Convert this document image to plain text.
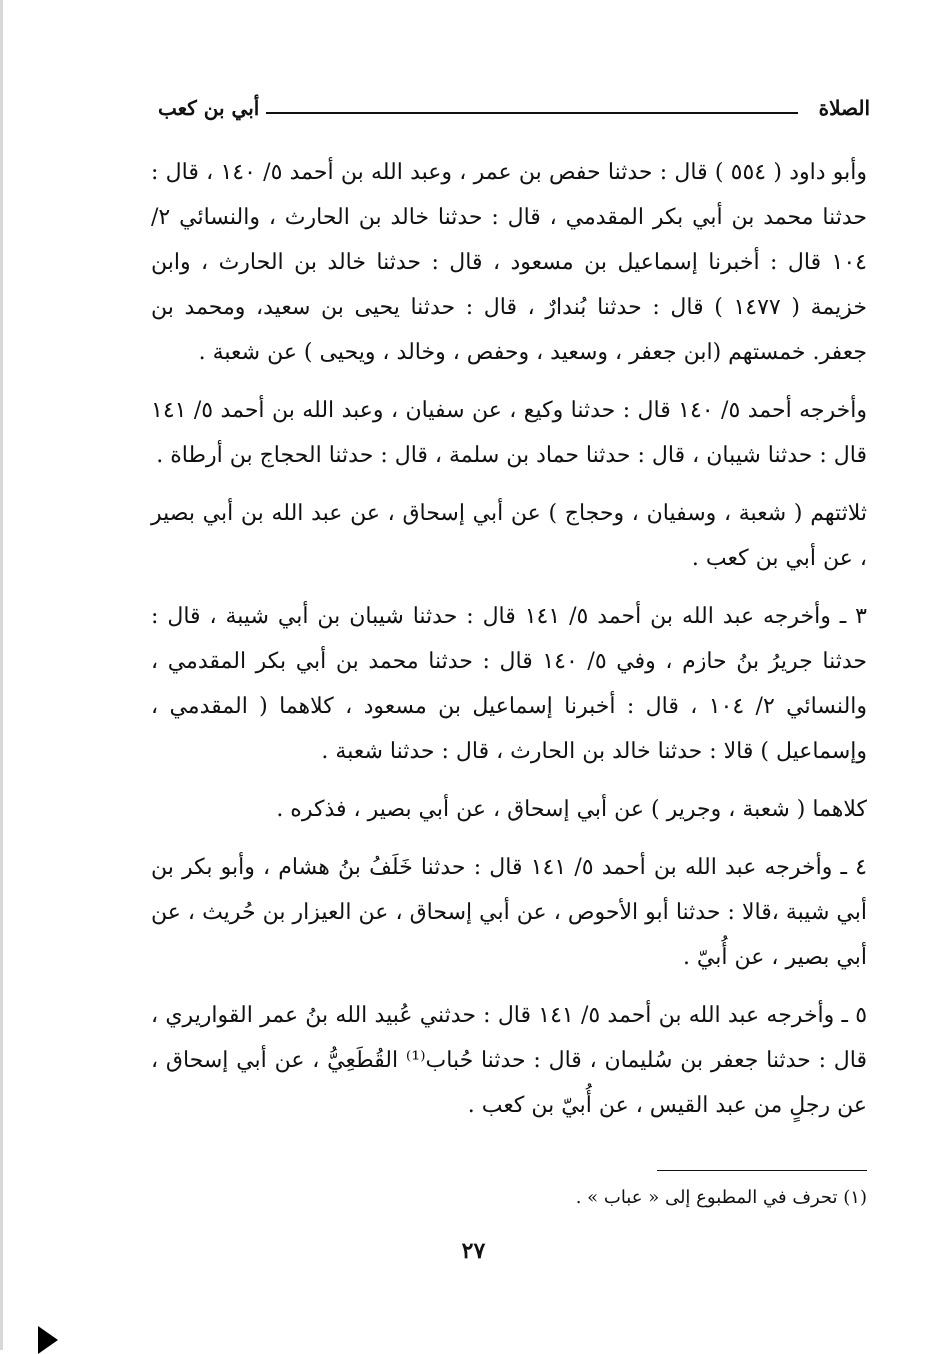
الصلاة
أبي بن كعب

وأبو داود ( ٥٥٤ ) قال : حدثنا حفص بن عمر ، وعبد الله بن أحمد ٥/ ١٤٠ ، قال : حدثنا محمد بن أبي بكر المقدمي ، قال : حدثنا خالد بن الحارث ، والنسائي ٢/ ١٠٤ قال : أخبرنا إسماعيل بن مسعود ، قال : حدثنا خالد بن الحارث ، وابن خزيمة ( ١٤٧٧ ) قال : حدثنا بُندارٌ ، قال : حدثنا يحيى بن سعيد، ومحمد بن جعفر. خمستهم (ابن جعفر ، وسعيد ، وحفص ، وخالد ، ويحيى ) عن شعبة .

وأخرجه أحمد ٥/ ١٤٠ قال : حدثنا وكيع ، عن سفيان ، وعبد الله بن أحمد ٥/ ١٤١ قال : حدثنا شيبان ، قال : حدثنا حماد بن سلمة ، قال : حدثنا الحجاج بن أرطاة .

ثلاثتهم ( شعبة ، وسفيان ، وحجاج ) عن أبي إسحاق ، عن عبد الله بن أبي بصير ، عن أبي بن كعب .

٣ ـ وأخرجه عبد الله بن أحمد ٥/ ١٤١ قال : حدثنا شيبان بن أبي شيبة ، قال : حدثنا جريرُ بنُ حازم ، وفي ٥/ ١٤٠ قال : حدثنا محمد بن أبي بكر المقدمي ، والنسائي ٢/ ١٠٤ ، قال : أخبرنا إسماعيل بن مسعود ، كلاهما ( المقدمي ، وإسماعيل ) قالا : حدثنا خالد بن الحارث ، قال : حدثنا شعبة .

كلاهما ( شعبة ، وجرير ) عن أبي إسحاق ، عن أبي بصير ، فذكره .

٤ ـ وأخرجه عبد الله بن أحمد ٥/ ١٤١ قال : حدثنا خَلَفُ بنُ هشام ، وأبو بكر بن أبي شيبة ،قالا : حدثنا أبو الأحوص ، عن أبي إسحاق ، عن العيزار بن حُريث ، عن أبي بصير ، عن أُبيّ .

٥ ـ وأخرجه عبد الله بن أحمد ٥/ ١٤١ قال : حدثني عُبيد الله بنُ عمر القواريري ، قال : حدثنا جعفر بن سُليمان ، قال : حدثنا حُباب⁽¹⁾ القُطَعِيُّ ، عن أبي إسحاق ، عن رجلٍ من عبد القيس ، عن أُبيّ بن كعب .

(١) تحرف في المطبوع إلى « عباب » .
٢٧
